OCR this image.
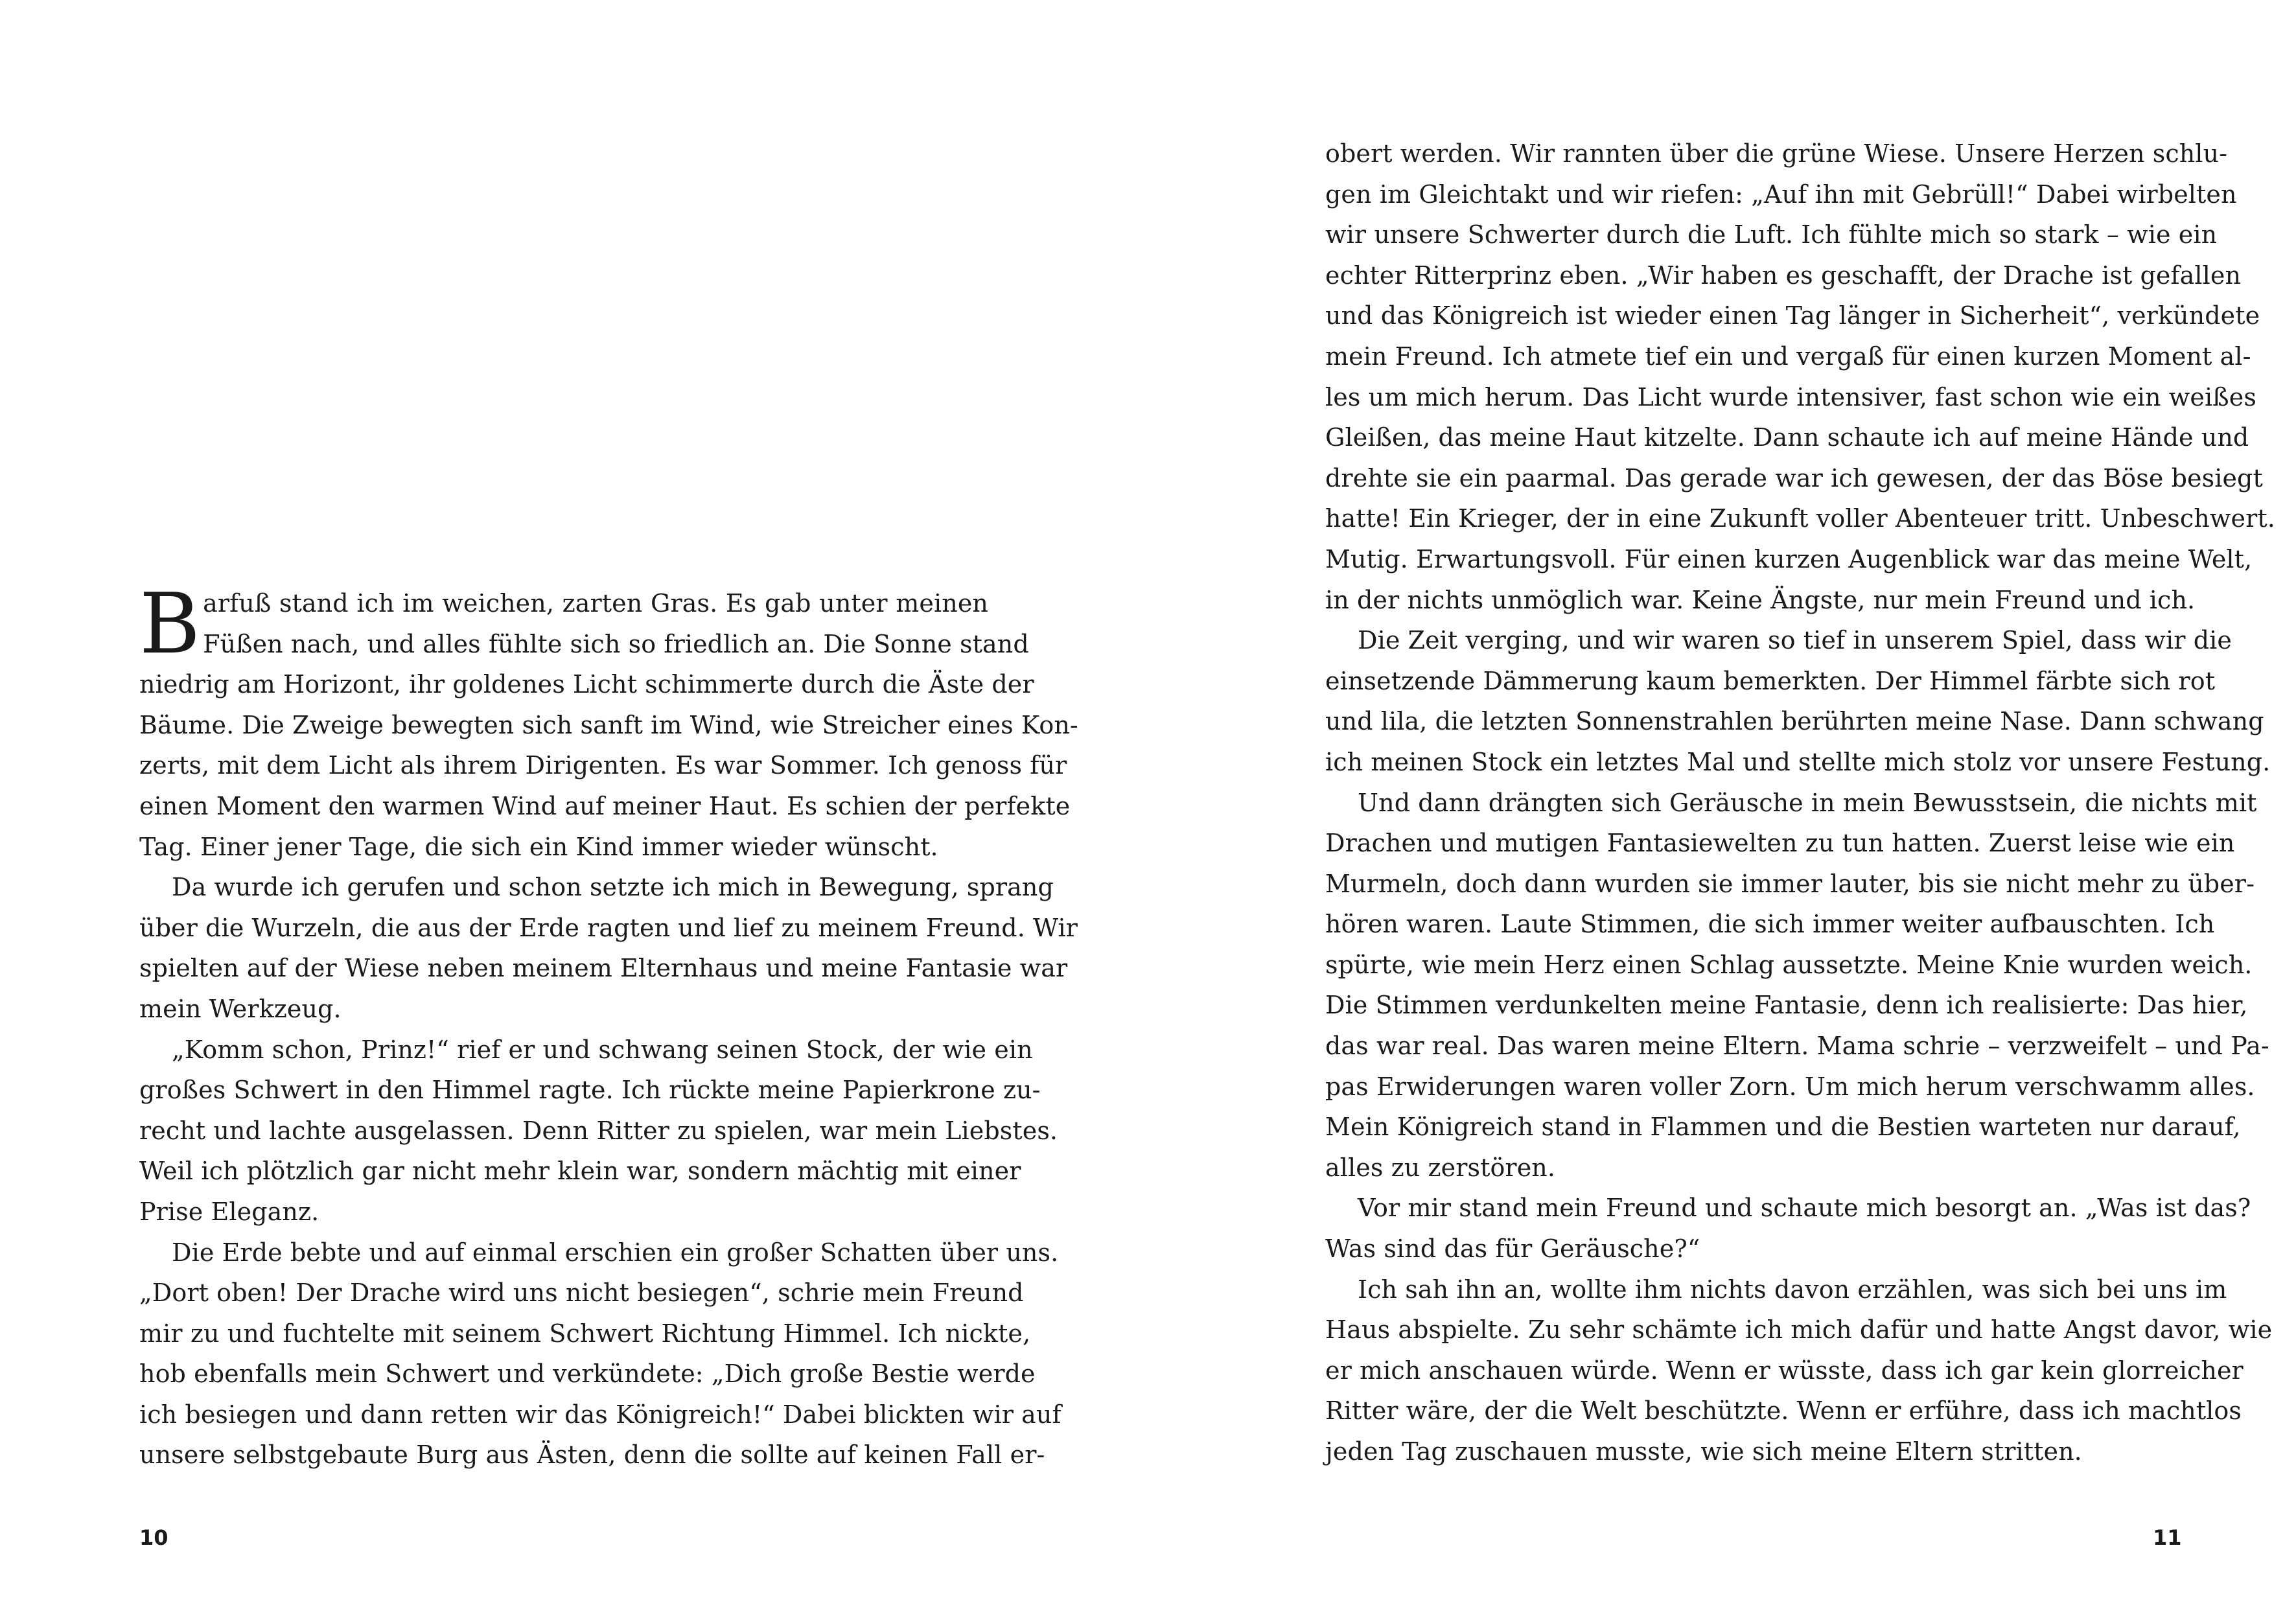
B arfuß stand ich im weichen, zarten Gras. Es gab unter meinen
Füßen nach, und alles fühlte sich so friedlich an. Die Sonne stand
niedrig am Horizont, ihr goldenes Licht schimmerte durch die Äste der
Bäume. Die Zweige bewegten sich sanft im Wind, wie Streicher eines Kon-
zerts, mit dem Licht als ihrem Dirigenten. Es war Sommer. Ich genoss für
einen Moment den warmen Wind auf meiner Haut. Es schien der perfekte
Tag. Einer jener Tage, die sich ein Kind immer wieder wünscht.
Da wurde ich gerufen und schon setzte ich mich in Bewegung, sprang
über die Wurzeln, die aus der Erde ragten und lief zu meinem Freund. Wir
spielten auf der Wiese neben meinem Elternhaus und meine Fantasie war
mein Werkzeug.
„Komm schon, Prinz!“ rief er und schwang seinen Stock, der wie ein
großes Schwert in den Himmel ragte. Ich rückte meine Papierkrone zu-
recht und lachte ausgelassen. Denn Ritter zu spielen, war mein Liebstes.
Weil ich plötzlich gar nicht mehr klein war, sondern mächtig mit einer
Prise Eleganz.
Die Erde bebte und auf einmal erschien ein großer Schatten über uns.
„Dort oben! Der Drache wird uns nicht besiegen“, schrie mein Freund
mir zu und fuchtelte mit seinem Schwert Richtung Himmel. Ich nickte,
hob ebenfalls mein Schwert und verkündete: „Dich große Bestie werde
ich besiegen und dann retten wir das Königreich!“ Dabei blickten wir auf
unsere selbstgebaute Burg aus Ästen, denn die sollte auf keinen Fall er-
obert werden. Wir rannten über die grüne Wiese. Unsere Herzen schlu-
gen im Gleichtakt und wir riefen: „Auf ihn mit Gebrüll!“ Dabei wirbelten
wir unsere Schwerter durch die Luft. Ich fühlte mich so stark – wie ein
echter Ritterprinz eben. „Wir haben es geschafft, der Drache ist gefallen
und das Königreich ist wieder einen Tag länger in Sicherheit“, verkündete
mein Freund. Ich atmete tief ein und vergaß für einen kurzen Moment al-
les um mich herum. Das Licht wurde intensiver, fast schon wie ein weißes
Gleißen, das meine Haut kitzelte. Dann schaute ich auf meine Hände und
drehte sie ein paarmal. Das gerade war ich gewesen, der das Böse besiegt
hatte! Ein Krieger, der in eine Zukunft voller Abenteuer tritt. Unbeschwert.
Mutig. Erwartungsvoll. Für einen kurzen Augenblick war das meine Welt,
in der nichts unmöglich war. Keine Ängste, nur mein Freund und ich.
Die Zeit verging, und wir waren so tief in unserem Spiel, dass wir die
einsetzende Dämmerung kaum bemerkten. Der Himmel färbte sich rot
und lila, die letzten Sonnenstrahlen berührten meine Nase. Dann schwang
ich meinen Stock ein letztes Mal und stellte mich stolz vor unsere Festung.
Und dann drängten sich Geräusche in mein Bewusstsein, die nichts mit
Drachen und mutigen Fantasiewelten zu tun hatten. Zuerst leise wie ein
Murmeln, doch dann wurden sie immer lauter, bis sie nicht mehr zu über-
hören waren. Laute Stimmen, die sich immer weiter aufbauschten. Ich
spürte, wie mein Herz einen Schlag aussetzte. Meine Knie wurden weich.
Die Stimmen verdunkelten meine Fantasie, denn ich realisierte: Das hier,
das war real. Das waren meine Eltern. Mama schrie – verzweifelt – und Pa-
pas Erwiderungen waren voller Zorn. Um mich herum verschwamm alles.
Mein Königreich stand in Flammen und die Bestien warteten nur darauf,
alles zu zerstören.
Vor mir stand mein Freund und schaute mich besorgt an. „Was ist das?
Was sind das für Geräusche?“
Ich sah ihn an, wollte ihm nichts davon erzählen, was sich bei uns im
Haus abspielte. Zu sehr schämte ich mich dafür und hatte Angst davor, wie
er mich anschauen würde. Wenn er wüsste, dass ich gar kein glorreicher
Ritter wäre, der die Welt beschützte. Wenn er erführe, dass ich machtlos
jeden Tag zuschauen musste, wie sich meine Eltern stritten.
10	11
